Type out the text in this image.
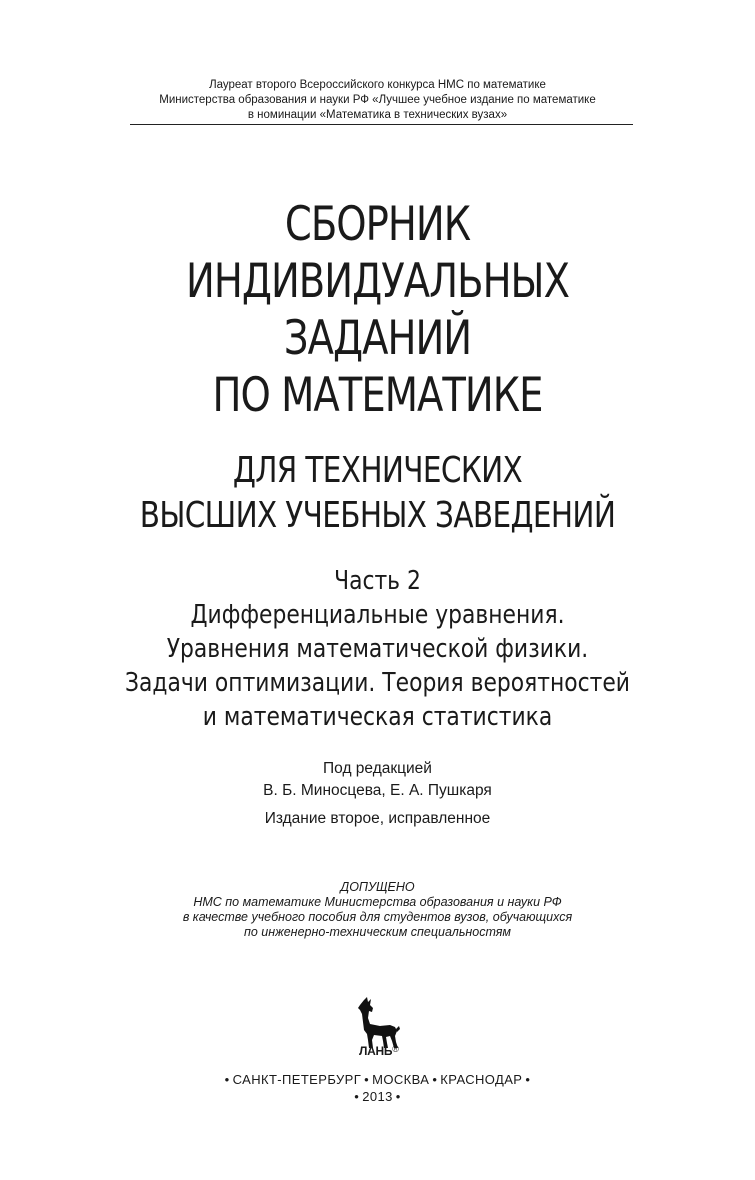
Лауреат второго Всероссийского конкурса НМС по математике
Министерства образования и науки РФ «Лучшее учебное издание по математике
в номинации «Математика в технических вузах»
СБОРНИК
ИНДИВИДУАЛЬНЫХ
ЗАДАНИЙ
ПО МАТЕМАТИКЕ
ДЛЯ ТЕХНИЧЕСКИХ
ВЫСШИХ УЧЕБНЫХ ЗАВЕДЕНИЙ
Часть 2
Дифференциальные уравнения.
Уравнения математической физики.
Задачи оптимизации. Теория вероятностей
и математическая статистика
Под редакцией
В. Б. Миносцева, Е. А. Пушкаря
Издание второе, исправленное
ДОПУЩЕНО
НМС по математике Министерства образования и науки РФ
в качестве учебного пособия для студентов вузов, обучающихся
по инженерно-техническим специальностям
ЛАНЬ®
• САНКТ-ПЕТЕРБУРГ • МОСКВА • КРАСНОДАР •
• 2013 •
